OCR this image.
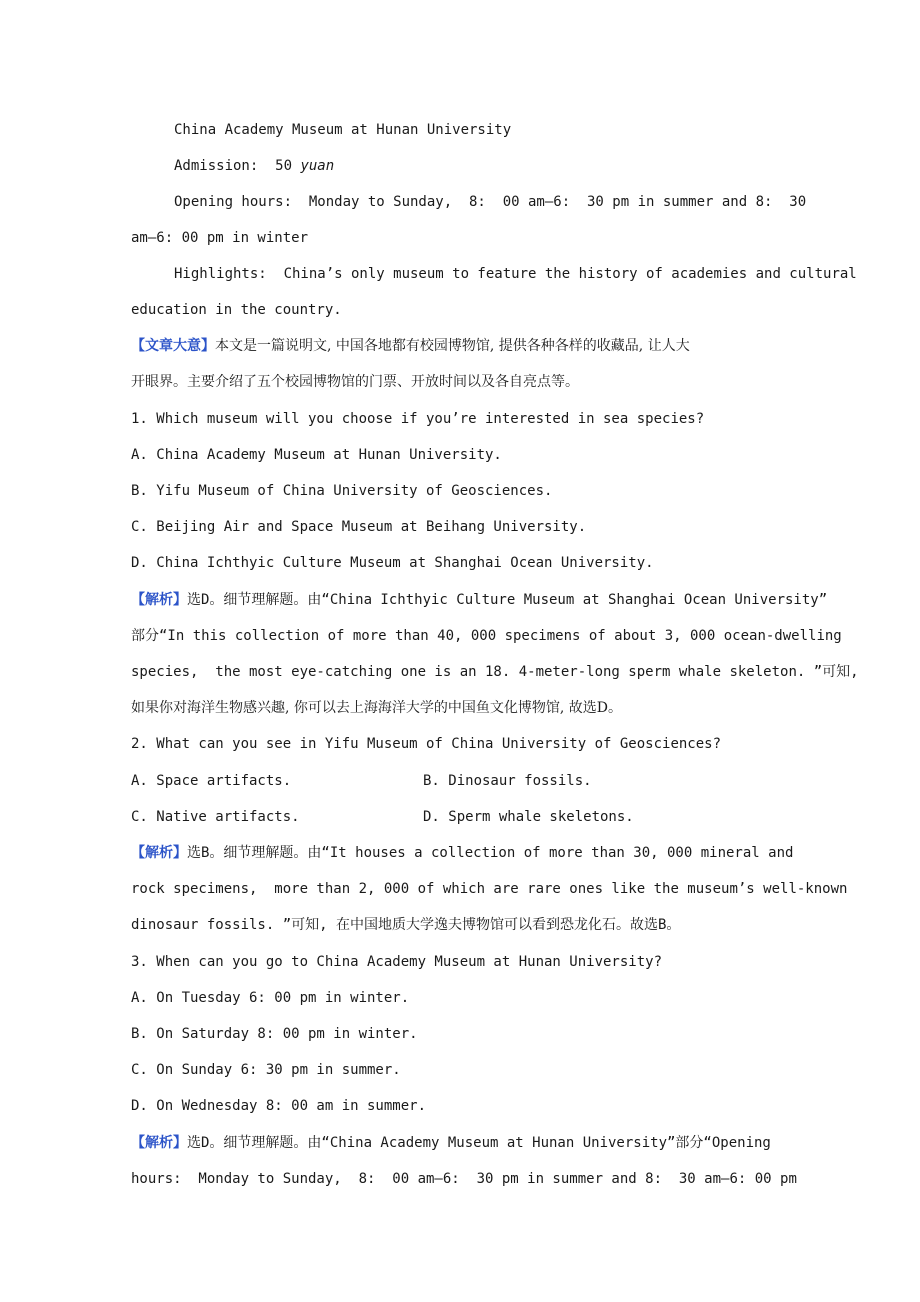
China Academy Museum at Hunan University
Admission:  50 yuan
Opening hours:  Monday to Sunday,  8:  00 am—6:  30 pm in summer and 8:  30
am—6: 00 pm in winter
Highlights:  China’s only museum to feature the history of academies and cultural
education in the country.
【文章大意】本文是一篇说明文, 中国各地都有校园博物馆, 提供各种各样的收藏品, 让人大
开眼界。主要介绍了五个校园博物馆的门票、开放时间以及各自亮点等。
1. Which museum will you choose if you’re interested in sea species?
A. China Academy Museum at Hunan University.
B. Yifu Museum of China University of Geosciences.
C. Beijing Air and Space Museum at Beihang University.
D. China Ichthyic Culture Museum at Shanghai Ocean University.
【解析】选D。细节理解题。由“China Ichthyic Culture Museum at Shanghai Ocean University”
部分“In this collection of more than 40, 000 specimens of about 3, 000 ocean-dwelling
species,  the most eye-catching one is an 18. 4-meter-long sperm whale skeleton. ”可知,
如果你对海洋生物感兴趣, 你可以去上海海洋大学的中国鱼文化博物馆, 故选D。
2. What can you see in Yifu Museum of China University of Geosciences?
A. Space artifacts.	B. Dinosaur fossils.
C. Native artifacts.	D. Sperm whale skeletons.
【解析】选B。细节理解题。由“It houses a collection of more than 30, 000 mineral and
rock specimens,  more than 2, 000 of which are rare ones like the museum’s well-known
dinosaur fossils. ”可知, 在中国地质大学逸夫博物馆可以看到恐龙化石。故选B。
3. When can you go to China Academy Museum at Hunan University?
A. On Tuesday 6: 00 pm in winter.
B. On Saturday 8: 00 pm in winter.
C. On Sunday 6: 30 pm in summer.
D. On Wednesday 8: 00 am in summer.
【解析】选D。细节理解题。由“China Academy Museum at Hunan University”部分“Opening
hours:  Monday to Sunday,  8:  00 am—6:  30 pm in summer and 8:  30 am—6: 00 pm
